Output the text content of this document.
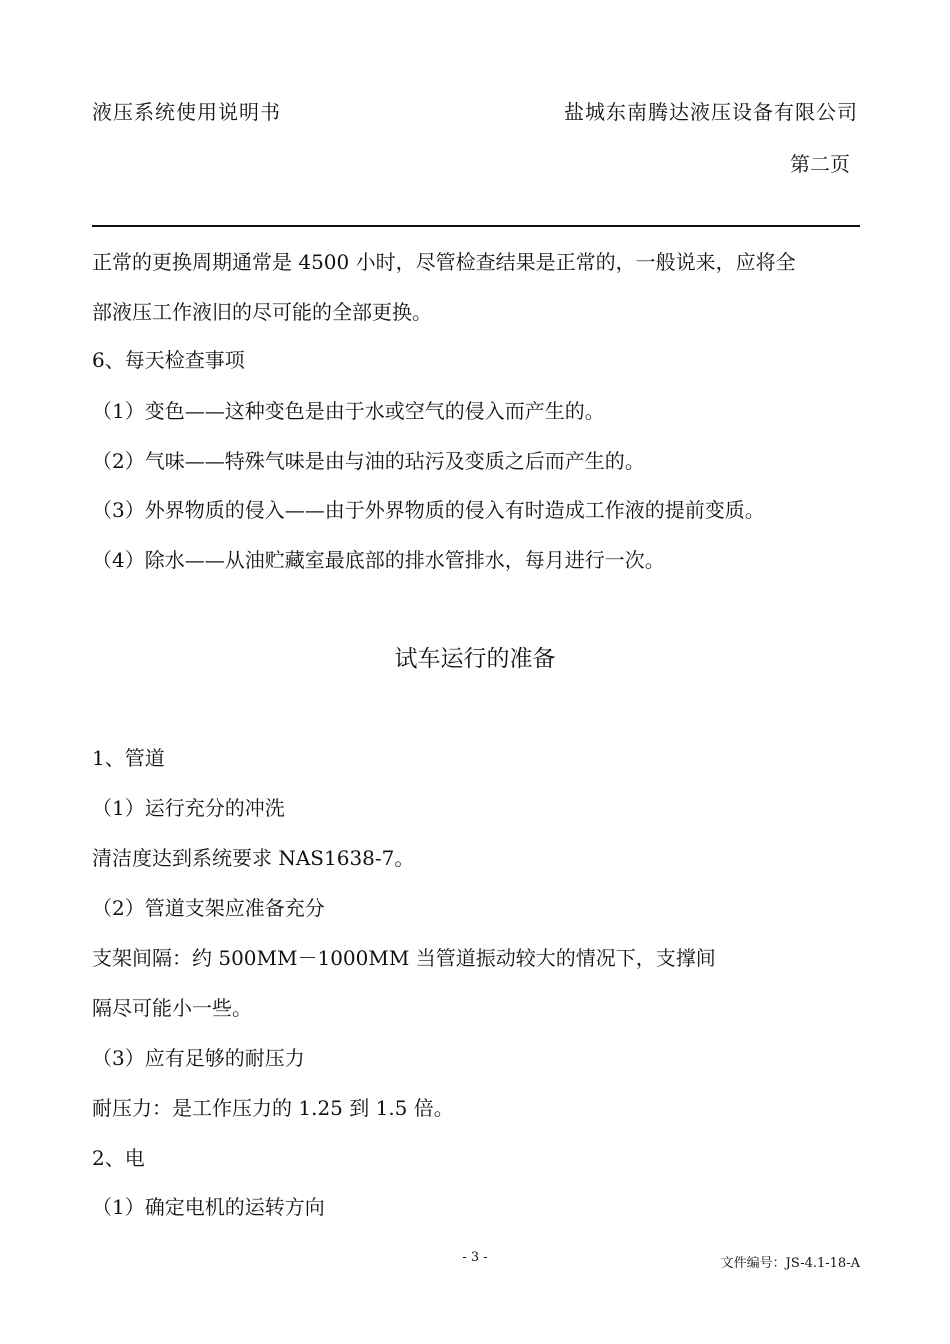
液压系统使用说明书	盐城东南腾达液压设备有限公司
第二页
正常的更换周期通常是 4500 小时，尽管检查结果是正常的，一般说来，应将全
部液压工作液旧的尽可能的全部更换。
6、每天检查事项
（1）变色——这种变色是由于水或空气的侵入而产生的。
（2）气味——特殊气味是由与油的玷污及变质之后而产生的。
（3）外界物质的侵入——由于外界物质的侵入有时造成工作液的提前变质。
（4）除水——从油贮藏室最底部的排水管排水，每月进行一次。
试车运行的准备
1、管道
（1）运行充分的冲洗
清洁度达到系统要求 NAS1638-7。
（2）管道支架应准备充分
支架间隔：约 500MM－1000MM 当管道振动较大的情况下，支撑间
隔尽可能小一些。
（3）应有足够的耐压力
耐压力：是工作压力的 1.25 到 1.5 倍。
2、电
（1）确定电机的运转方向
- 3 -	文件编号：JS-4.1-18-A
